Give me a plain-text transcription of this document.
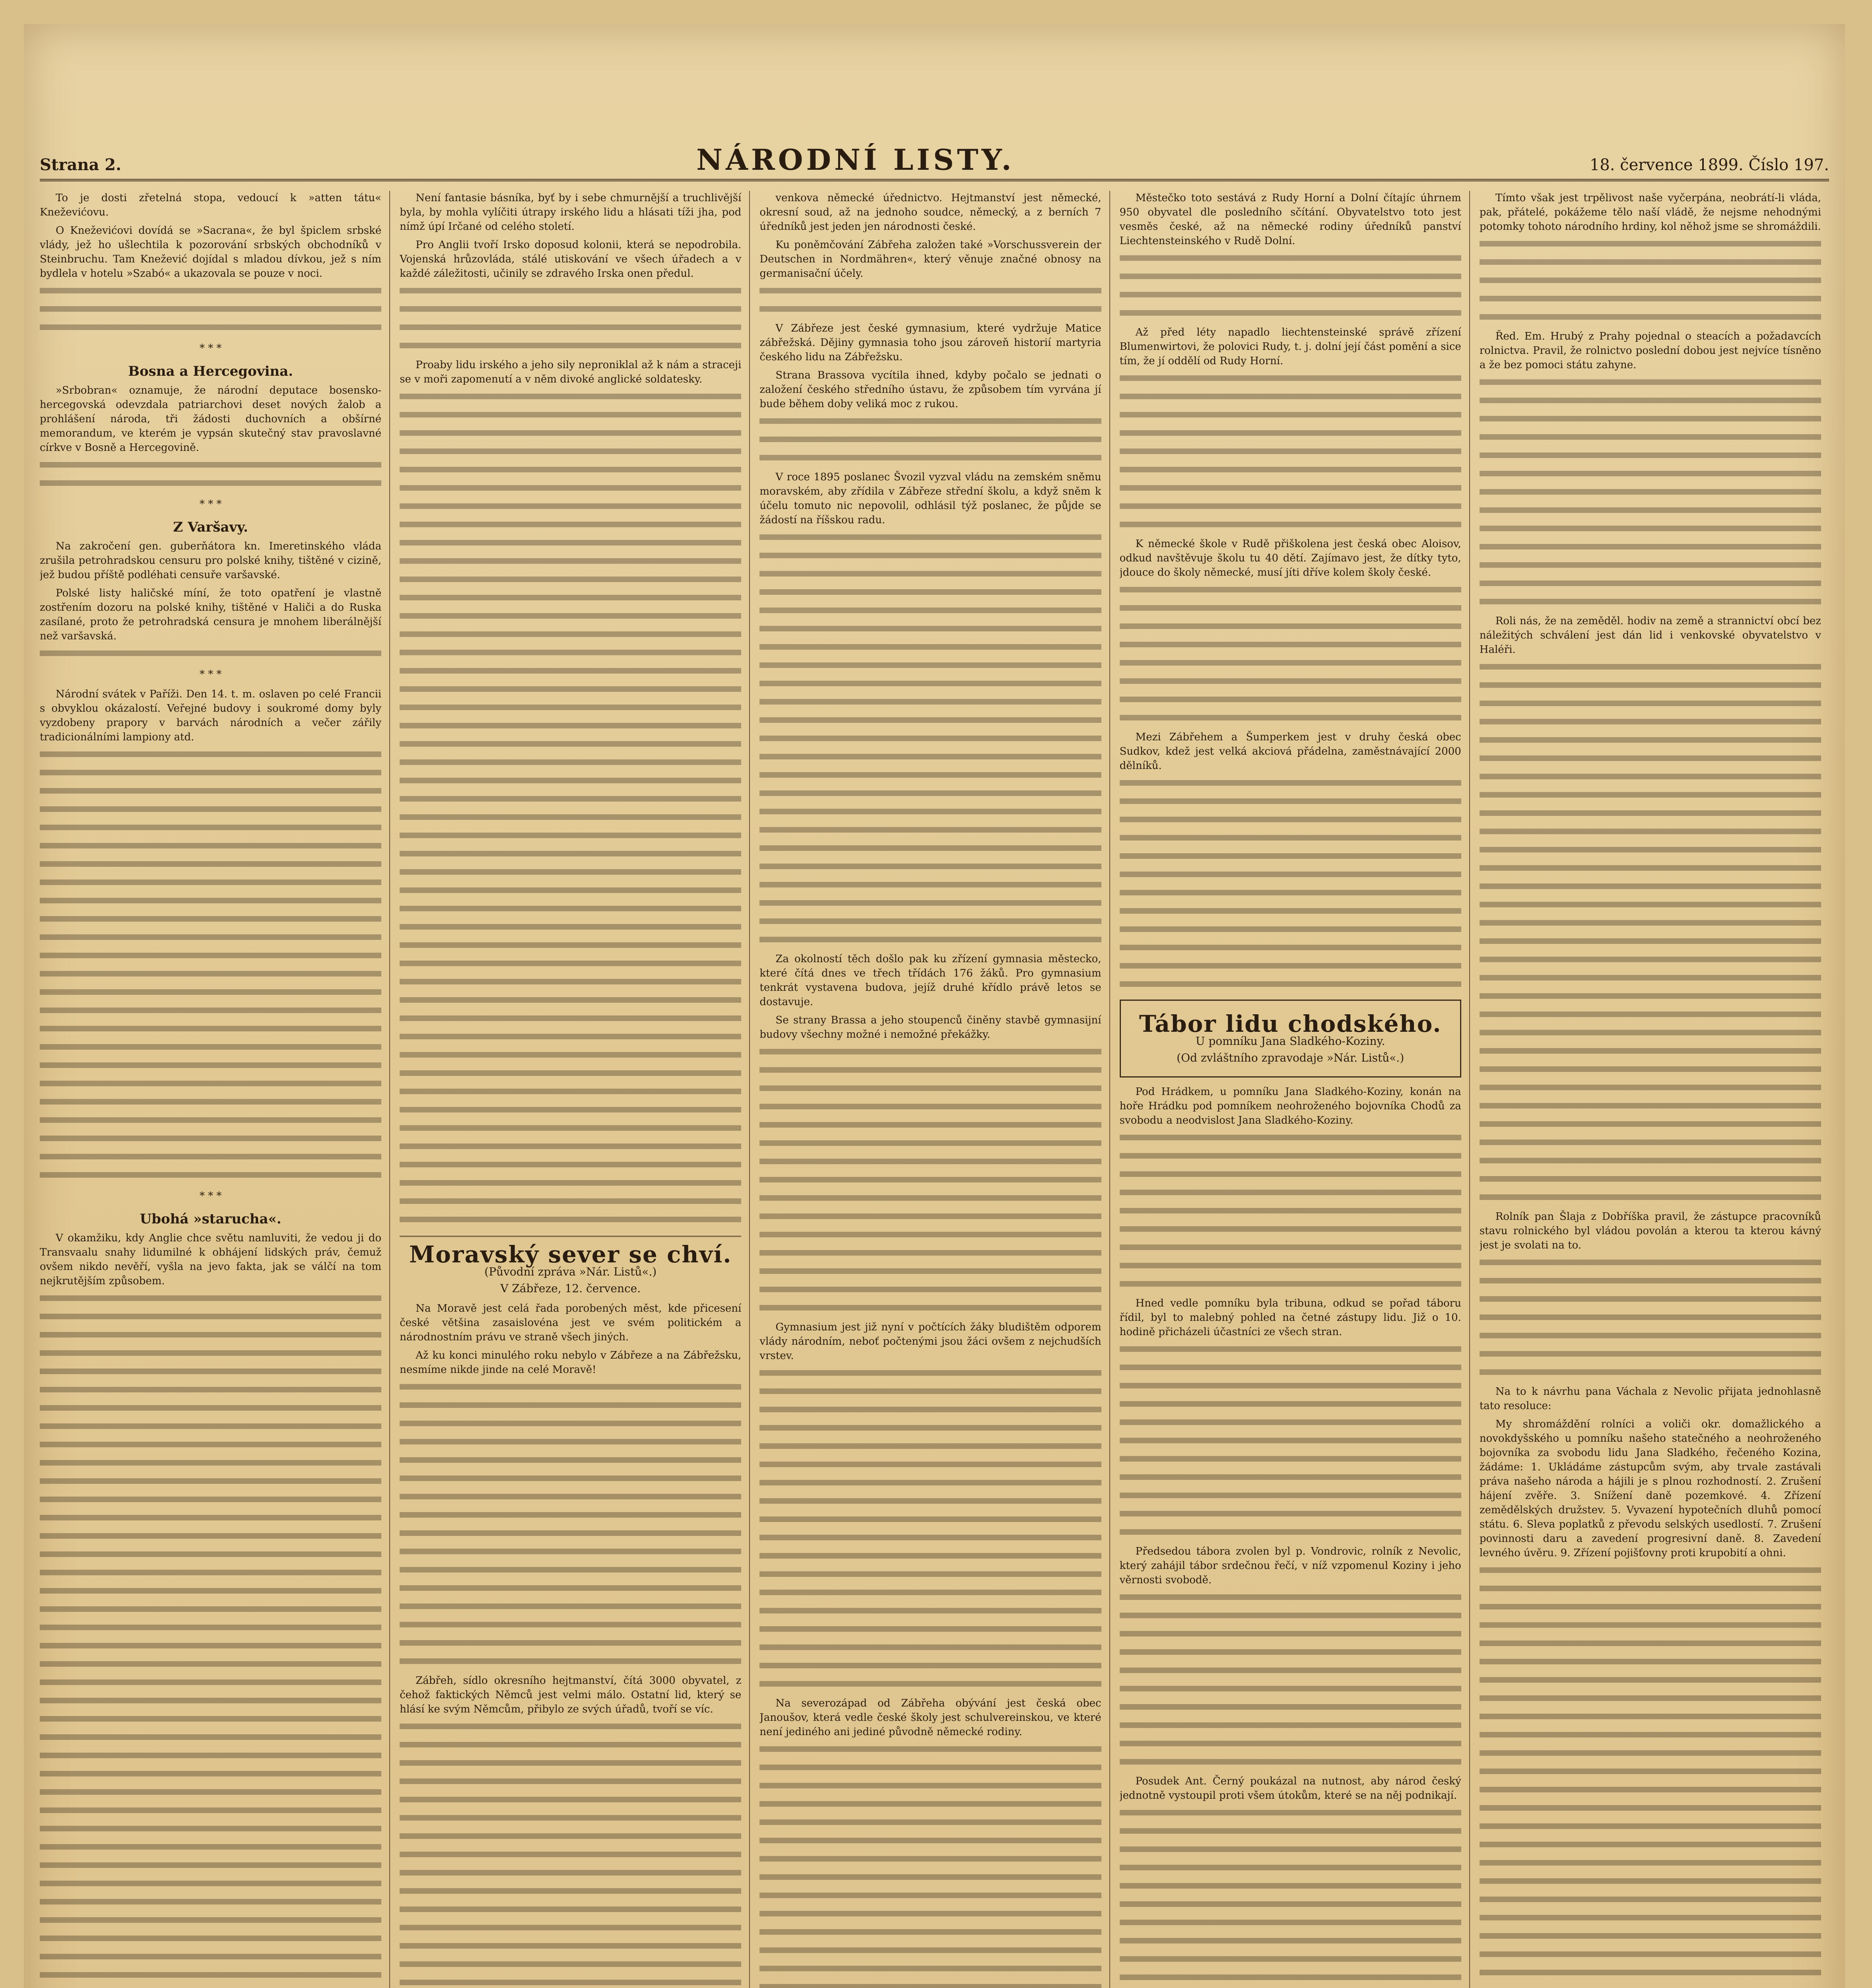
Strana 2.	NÁRODNÍ LISTY.	18. července 1899. Číslo 197.

To je dosti zřetelná stopa, vedoucí k »atten tátu« Kneževićovu.

O Kneževićovi dovídá se »Sacrana«, že byl špiclem srbské vlády, jež ho ušlechtila k pozorování srbských obchodníků v Steinbruchu. Tam Knežević dojídal s mladou dívkou, jež s ním bydlela v hotelu »Szabó« a ukazovala se pouze v noci.

* * *
Bosna a Hercegovina.

»Srbobran« oznamuje, že národní deputace bosensko-hercegovská odevzdala patriarchovi deset nových žalob a prohlášení národa, tři žádosti duchovních a obšírné memorandum, ve kterém je vypsán skutečný stav pravoslavné církve v Bosně a Hercegovině.

* * *
Z Varšavy.

Na zakročení gen. guberňátora kn. Imeretinského vláda zrušila petrohradskou censuru pro polské knihy, tištěné v cizině, jež budou příště podléhati censuře varšavské.

Polské listy haličské míní, že toto opatření je vlastně zostřením dozoru na polské knihy, tištěné v Haliči a do Ruska zasílané, proto že petrohradská censura je mnohem liberálnější než varšavská.

* * *

Národní svátek v Paříži. Den 14. t. m. oslaven po celé Francii s obvyklou okázalostí. Veřejné budovy i soukromé domy byly vyzdobeny prapory v barvách národních a večer zářily tradicionálními lampiony atd.

* * *
Ubohá »starucha«.

V okamžiku, kdy Anglie chce světu namluviti, že vedou ji do Transvaalu snahy lidumilné k obhájení lidských práv, čemuž ovšem nikdo nevěří, vyšla na jevo fakta, jak se válčí na tom nejkrutějším způsobem.

Není fantasie básníka, byť by i sebe chmurnější a truchlivější byla, by mohla vylíčiti útrapy irského lidu a hlásati tíži jha, pod nímž úpí Irčané od celého století.

Pro Anglii tvoří Irsko doposud kolonii, která se nepodrobila. Vojenská hrůzovláda, stálé utiskování ve všech úřadech a v každé záležitosti, učinily se zdravého Irska onen předul.

Proaby lidu irského a jeho sily neproniklal až k nám a straceji se v moři zapomenutí a v něm divoké anglické soldatesky.

Moravský sever se chví.
(Původní zpráva »Nár. Listů«.)
V Zábřeze, 12. července.

Na Moravě jest celá řada porobených měst, kde přicesení české většina zasaislovéna jest ve svém politickém a národnostním právu ve straně všech jiných.

Až ku konci minulého roku nebylo v Zábřeze a na Zábřežsku, nesmíme nikde jinde na celé Moravě!

Zábřeh, sídlo okresního hejtmanství, čítá 3000 obyvatel, z čehož faktických Němců jest velmi málo. Ostatní lid, který se hlásí ke svým Němcům, přibylo ze svých úřadů, tvoří se víc.

venkova německé úřednictvo. Hejtmanství jest německé, okresní soud, až na jednoho soudce, německý, a z berních 7 úředníků jest jeden jen národnosti české.

Ku poněmčování Zábřeha založen také »Vorschussverein der Deutschen in Nordmähren«, který věnuje značné obnosy na germanisační účely.

V Zábřeze jest české gymnasium, které vydržuje Matice zábřežská. Dějiny gymnasia toho jsou zároveň historií martyria českého lidu na Zábřežsku.

Strana Brassova vycítila ihned, kdyby počalo se jednati o založení českého středního ústavu, že způsobem tím vyrvána jí bude během doby veliká moc z rukou.

V roce 1895 poslanec Švozil vyzval vládu na zemském sněmu moravském, aby zřídila v Zábřeze střední školu, a když sněm k účelu tomuto nic nepovolil, odhlásil týž poslanec, že půjde se žádostí na říšskou radu.

Za okolností těch došlo pak ku zřízení gymnasia městecko, které čítá dnes ve třech třídách 176 žáků. Pro gymnasium tenkrát vystavena budova, jejíž druhé křídlo právě letos se dostavuje.

Se strany Brassa a jeho stoupenců činěny stavbě gymnasijní budovy všechny možné i nemožné překážky.

Gymnasium jest již nyní v počtících žáky bludištěm odporem vlády národním, neboť počtenými jsou žáci ovšem z nejchudších vrstev.

Na severozápad od Zábřeha obývání jest česká obec Janoušov, která vedle české školy jest schulvereinskou, ve které není jediného ani jediné původně německé rodiny.

Městečko toto sestává z Rudy Horní a Dolní čítajíc úhrnem 950 obyvatel dle posledního sčítání. Obyvatelstvo toto jest vesměs české, až na německé rodiny úředníků panství Liechtensteinského v Rudě Dolní.

Až před léty napadlo liechtensteinské správě zřízení Blumenwirtovi, že polovici Rudy, t. j. dolní její část pomění a sice tím, že jí oddělí od Rudy Horní.

K německé škole v Rudě přiškolena jest česká obec Aloisov, odkud navštěvuje školu tu 40 dětí. Zajímavo jest, že dítky tyto, jdouce do školy německé, musí jíti dříve kolem školy české.

Mezi Zábřehem a Šumperkem jest v druhy česká obec Sudkov, kdež jest velká akciová přádelna, zaměstnávající 2000 dělníků.

Tábor lidu chodského.
U pomníku Jana Sladkého-Koziny.
(Od zvláštního zpravodaje »Nár. Listů«.)

Pod Hrádkem, u pomníku Jana Sladkého-Koziny, konán na hoře Hrádku pod pomníkem neohroženého bojovníka Chodů za svobodu a neodvislost Jana Sladkého-Koziny.

Hned vedle pomníku byla tribuna, odkud se pořad táboru řídil, byl to malebný pohled na četné zástupy lidu. Již o 10. hodině přicházeli účastníci ze všech stran.

Předsedou tábora zvolen byl p. Vondrovic, rolník z Nevolic, který zahájil tábor srdečnou řečí, v níž vzpomenul Koziny i jeho věrnosti svobodě.

Posudek Ant. Černý poukázal na nutnost, aby národ český jednotně vystoupil proti všem útokům, které se na něj podnikají.

Tímto však jest trpělivost naše vyčerpána, neobrátí-li vláda, pak, přátelé, pokážeme tělo naší vládě, že nejsme nehodnými potomky tohoto národního hrdiny, kol něhož jsme se shromáždili.

Řed. Em. Hrubý z Prahy pojednal o steacích a požadavcích rolnictva. Pravil, že rolnictvo poslední dobou jest nejvíce tísněno a že bez pomoci státu zahyne.

Roli nás, že na zeměděl. hodiv na země a strannictví obcí bez náležitých schválení jest dán lid i venkovské obyvatelstvo v Haléři.

Rolník pan Šlaja z Dobříška pravil, že zástupce pracovníků stavu rolnického byl vládou povolán a kterou ta kterou kávný jest je svolati na to.

Na to k návrhu pana Váchala z Nevolic přijata jednohlasně tato resoluce:

My shromáždění rolníci a voliči okr. domažlického a novokdyšského u pomníku našeho statečného a neohroženého bojovníka za svobodu lidu Jana Sladkého, řečeného Kozina, žádáme: 1. Ukládáme zástupcům svým, aby trvale zastávali práva našeho národa a hájili je s plnou rozhodností. 2. Zrušení hájení zvěře. 3. Snížení daně pozemkové. 4. Zřízení zemědělských družstev. 5. Vyvazení hypotečních dluhů pomocí státu. 6. Sleva poplatků z převodu selských usedlostí. 7. Zrušení povinnosti daru a zavedení progresivní daně. 8. Zavedení levného úvěru. 9. Zřízení pojišťovny proti krupobití a ohni.
